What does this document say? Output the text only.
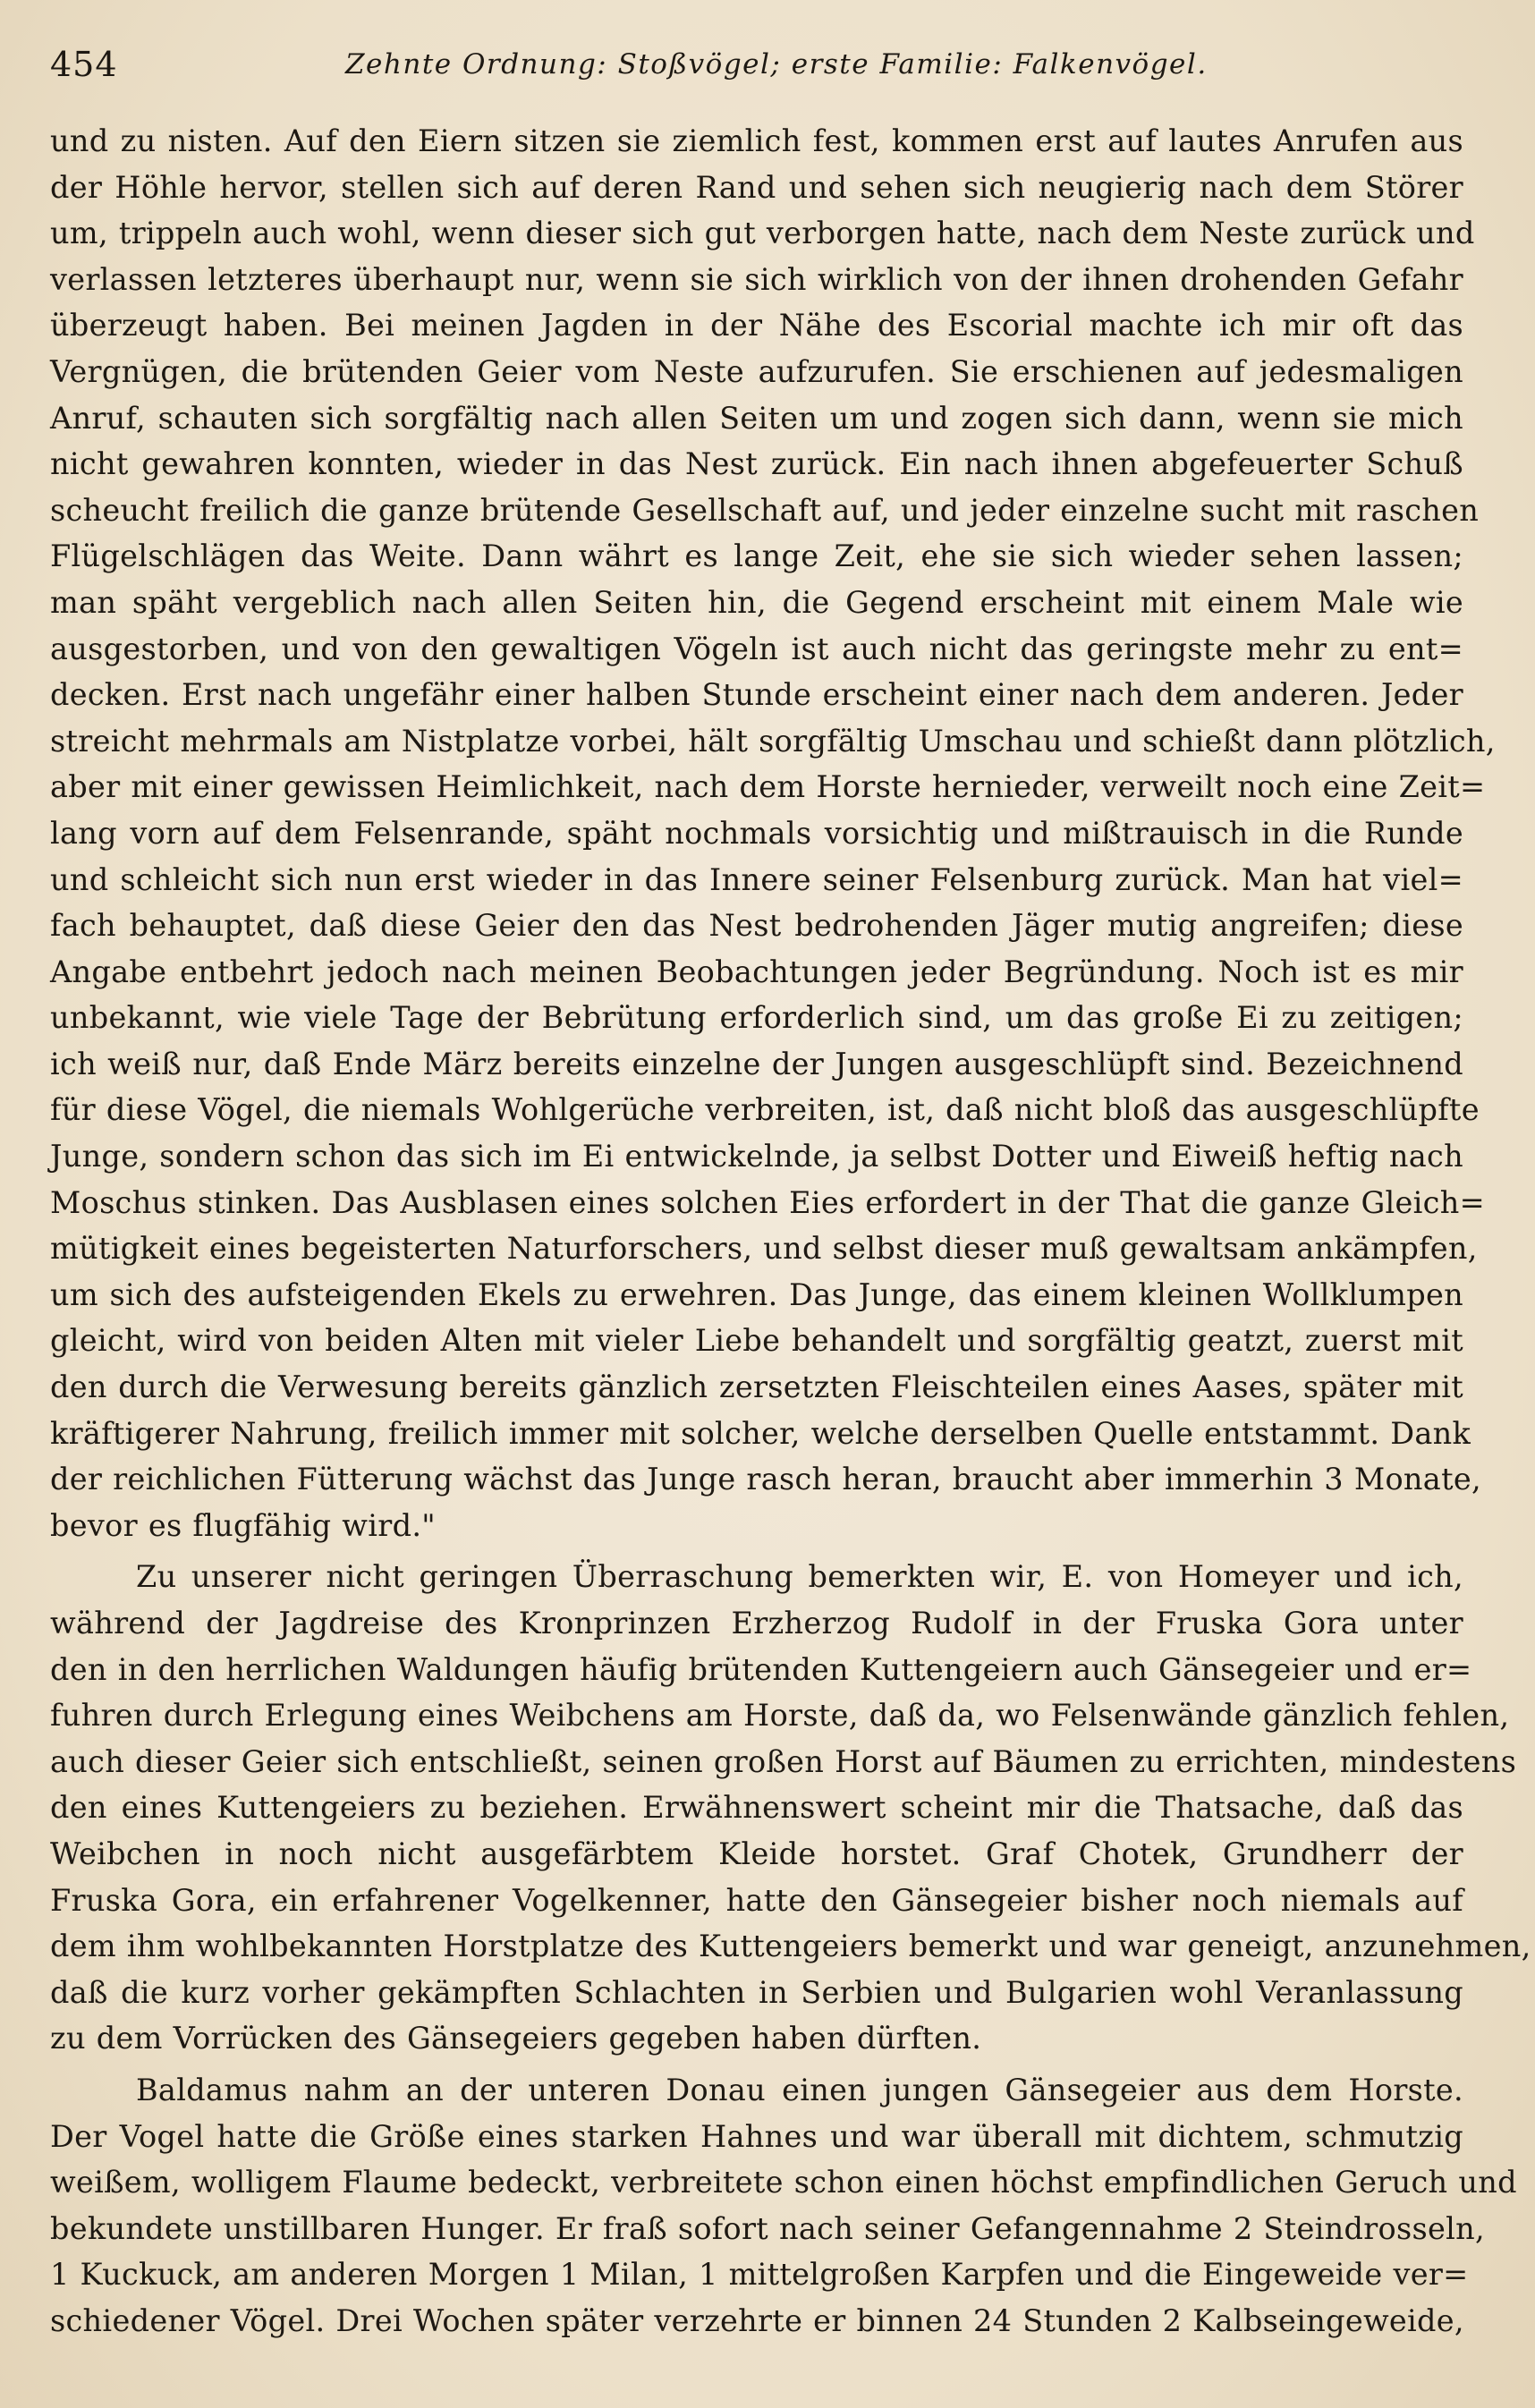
454	Zehnte Ordnung: Stoßvögel; erste Familie: Falkenvögel.
und zu nisten. Auf den Eiern sitzen sie ziemlich fest, kommen erst auf lautes Anrufen aus
der Höhle hervor, stellen sich auf deren Rand und sehen sich neugierig nach dem Störer
um, trippeln auch wohl, wenn dieser sich gut verborgen hatte, nach dem Neste zurück und
verlassen letzteres überhaupt nur, wenn sie sich wirklich von der ihnen drohenden Gefahr
überzeugt haben. Bei meinen Jagden in der Nähe des Escorial machte ich mir oft das
Vergnügen, die brütenden Geier vom Neste aufzurufen. Sie erschienen auf jedesmaligen
Anruf, schauten sich sorgfältig nach allen Seiten um und zogen sich dann, wenn sie mich
nicht gewahren konnten, wieder in das Nest zurück. Ein nach ihnen abgefeuerter Schuß
scheucht freilich die ganze brütende Gesellschaft auf, und jeder einzelne sucht mit raschen
Flügelschlägen das Weite. Dann währt es lange Zeit, ehe sie sich wieder sehen lassen;
man späht vergeblich nach allen Seiten hin, die Gegend erscheint mit einem Male wie
ausgestorben, und von den gewaltigen Vögeln ist auch nicht das geringste mehr zu ent=
decken. Erst nach ungefähr einer halben Stunde erscheint einer nach dem anderen. Jeder
streicht mehrmals am Nistplatze vorbei, hält sorgfältig Umschau und schießt dann plötzlich,
aber mit einer gewissen Heimlichkeit, nach dem Horste hernieder, verweilt noch eine Zeit=
lang vorn auf dem Felsenrande, späht nochmals vorsichtig und mißtrauisch in die Runde
und schleicht sich nun erst wieder in das Innere seiner Felsenburg zurück. Man hat viel=
fach behauptet, daß diese Geier den das Nest bedrohenden Jäger mutig angreifen; diese
Angabe entbehrt jedoch nach meinen Beobachtungen jeder Begründung. Noch ist es mir
unbekannt, wie viele Tage der Bebrütung erforderlich sind, um das große Ei zu zeitigen;
ich weiß nur, daß Ende März bereits einzelne der Jungen ausgeschlüpft sind. Bezeichnend
für diese Vögel, die niemals Wohlgerüche verbreiten, ist, daß nicht bloß das ausgeschlüpfte
Junge, sondern schon das sich im Ei entwickelnde, ja selbst Dotter und Eiweiß heftig nach
Moschus stinken. Das Ausblasen eines solchen Eies erfordert in der That die ganze Gleich=
mütigkeit eines begeisterten Naturforschers, und selbst dieser muß gewaltsam ankämpfen,
um sich des aufsteigenden Ekels zu erwehren. Das Junge, das einem kleinen Wollklumpen
gleicht, wird von beiden Alten mit vieler Liebe behandelt und sorgfältig geatzt, zuerst mit
den durch die Verwesung bereits gänzlich zersetzten Fleischteilen eines Aases, später mit
kräftigerer Nahrung, freilich immer mit solcher, welche derselben Quelle entstammt. Dank
der reichlichen Fütterung wächst das Junge rasch heran, braucht aber immerhin 3 Monate,
bevor es flugfähig wird."
Zu unserer nicht geringen Überraschung bemerkten wir, E. von Homeyer und ich,
während der Jagdreise des Kronprinzen Erzherzog Rudolf in der Fruska Gora unter
den in den herrlichen Waldungen häufig brütenden Kuttengeiern auch Gänsegeier und er=
fuhren durch Erlegung eines Weibchens am Horste, daß da, wo Felsenwände gänzlich fehlen,
auch dieser Geier sich entschließt, seinen großen Horst auf Bäumen zu errichten, mindestens
den eines Kuttengeiers zu beziehen. Erwähnenswert scheint mir die Thatsache, daß das
Weibchen in noch nicht ausgefärbtem Kleide horstet. Graf Chotek, Grundherr der
Fruska Gora, ein erfahrener Vogelkenner, hatte den Gänsegeier bisher noch niemals auf
dem ihm wohlbekannten Horstplatze des Kuttengeiers bemerkt und war geneigt, anzunehmen,
daß die kurz vorher gekämpften Schlachten in Serbien und Bulgarien wohl Veranlassung
zu dem Vorrücken des Gänsegeiers gegeben haben dürften.
Baldamus nahm an der unteren Donau einen jungen Gänsegeier aus dem Horste.
Der Vogel hatte die Größe eines starken Hahnes und war überall mit dichtem, schmutzig
weißem, wolligem Flaume bedeckt, verbreitete schon einen höchst empfindlichen Geruch und
bekundete unstillbaren Hunger. Er fraß sofort nach seiner Gefangennahme 2 Steindrosseln,
1 Kuckuck, am anderen Morgen 1 Milan, 1 mittelgroßen Karpfen und die Eingeweide ver=
schiedener Vögel. Drei Wochen später verzehrte er binnen 24 Stunden 2 Kalbseingeweide,
